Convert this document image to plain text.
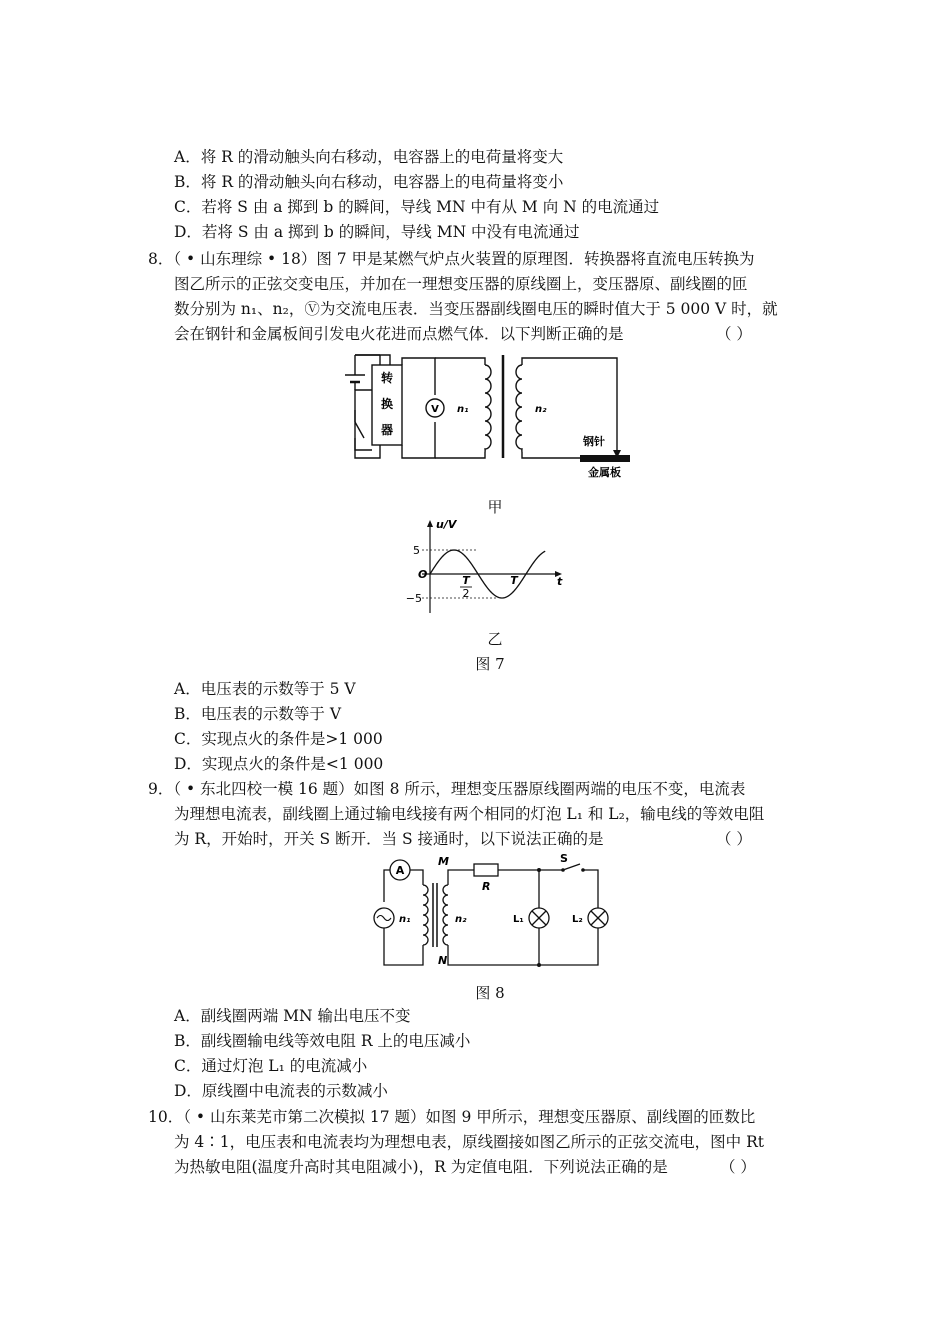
A．将 R 的滑动触头向右移动，电容器上的电荷量将变大
B．将 R 的滑动触头向右移动，电容器上的电荷量将变小
C．若将 S 由 a 掷到 b 的瞬间，导线 MN 中有从 M 向 N 的电流通过
D．若将 S 由 a 掷到 b 的瞬间，导线 MN 中没有电流通过
8．（ • 山东理综 • 18）图 7 甲是某燃气炉点火装置的原理图．转换器将直流电压转换为
图乙所示的正弦交变电压，并加在一理想变压器的原线圈上，变压器原、副线圈的匝
数分别为 n₁、n₂，Ⓥ为交流电压表．当变压器副线圈电压的瞬时值大于 5 000 V 时，就
会在钢针和金属板间引发电火花进而点燃气体．以下判断正确的是	（ ）
转
换
器
V n₁	n₂
钢针
金属板
甲
u/V
5
−5
O	T
2
T	t
乙
图 7
A．电压表的示数等于 5 V
B．电压表的示数等于 V
C．实现点火的条件是>1 000
D．实现点火的条件是<1 000
9．（ • 东北四校一模 16 题）如图 8 所示，理想变压器原线圈两端的电压不变，电流表
为理想电流表，副线圈上通过输电线接有两个相同的灯泡 L₁ 和 L₂，输电线的等效电阻
为 R，开始时，开关 S 断开．当 S 接通时，以下说法正确的是	（ ）
A
n₁	n₂
M
N
R
S
L₁	L₂
图 8
A．副线圈两端 MN 输出电压不变
B．副线圈输电线等效电阻 R 上的电压减小
C．通过灯泡 L₁ 的电流减小
D．原线圈中电流表的示数减小
10．（ • 山东莱芜市第二次模拟 17 题）如图 9 甲所示，理想变压器原、副线圈的匝数比
为 4∶1，电压表和电流表均为理想电表，原线圈接如图乙所示的正弦交流电，图中 Rt
为热敏电阻(温度升高时其电阻减小)，R 为定值电阻．下列说法正确的是	（ ）
